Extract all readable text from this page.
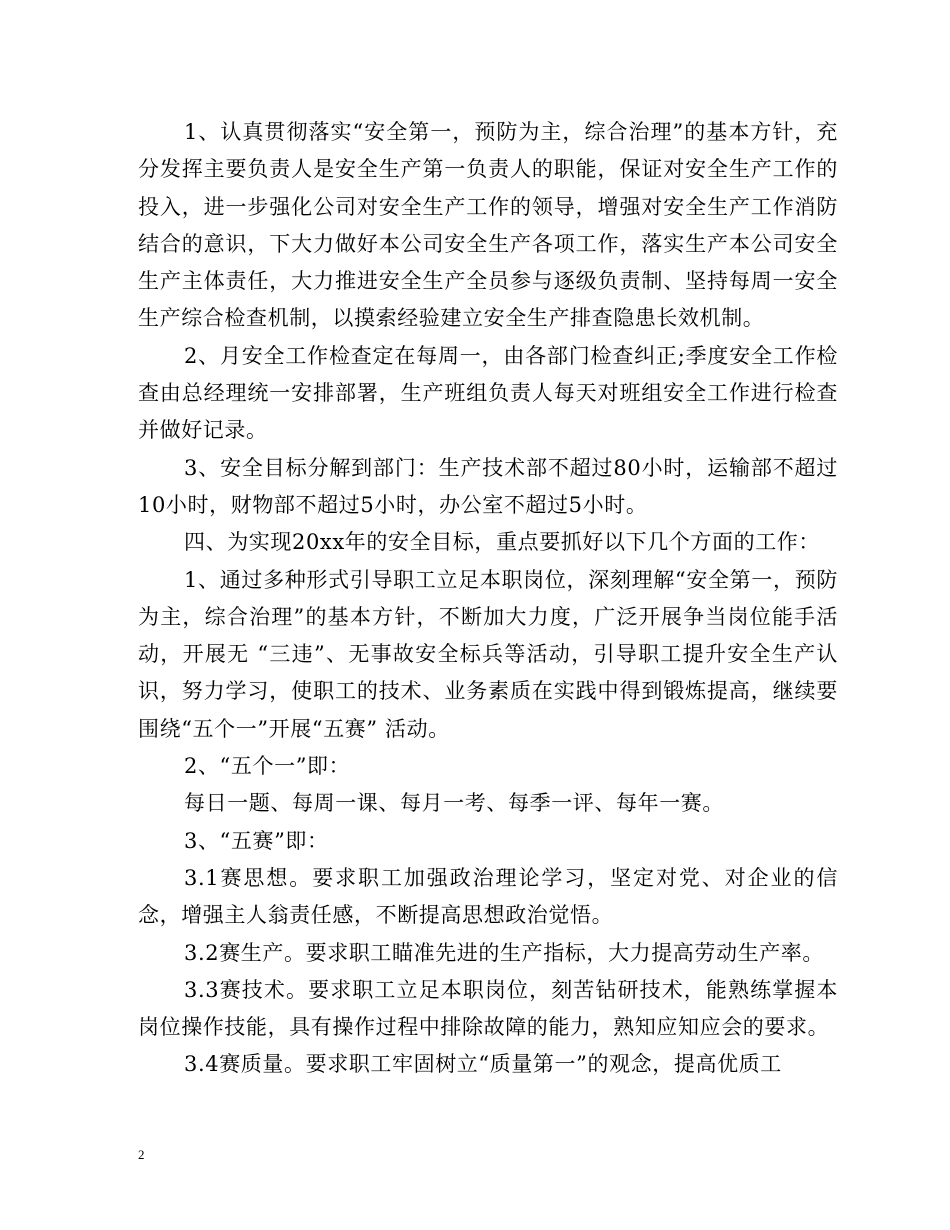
1、认真贯彻落实“安全第一，预防为主，综合治理”的基本方针，充分发挥主要负责人是安全生产第一负责人的职能，保证对安全生产工作的投入，进一步强化公司对安全生产工作的领导，增强对安全生产工作消防结合的意识，下大力做好本公司安全生产各项工作，落实生产本公司安全生产主体责任，大力推进安全生产全员参与逐级负责制、坚持每周一安全生产综合检查机制，以摸索经验建立安全生产排查隐患长效机制。

2、月安全工作检查定在每周一，由各部门检查纠正;季度安全工作检查由总经理统一安排部署，生产班组负责人每天对班组安全工作进行检查并做好记录。

3、安全目标分解到部门：生产技术部不超过80小时，运输部不超过10小时，财物部不超过5小时，办公室不超过5小时。

四、为实现20xx年的安全目标，重点要抓好以下几个方面的工作：

1、通过多种形式引导职工立足本职岗位，深刻理解“安全第一，预防为主，综合治理”的基本方针，不断加大力度，广泛开展争当岗位能手活动，开展无 “三违”、无事故安全标兵等活动，引导职工提升安全生产认识，努力学习，使职工的技术、业务素质在实践中得到锻炼提高，继续要围绕“五个一”开展“五赛” 活动。

2、“五个一”即：

每日一题、每周一课、每月一考、每季一评、每年一赛。

3、“五赛”即：

3.1赛思想。要求职工加强政治理论学习，坚定对党、对企业的信念，增强主人翁责任感，不断提高思想政治觉悟。

3.2赛生产。要求职工瞄准先进的生产指标，大力提高劳动生产率。

3.3赛技术。要求职工立足本职岗位，刻苦钻研技术，能熟练掌握本岗位操作技能，具有操作过程中排除故障的能力，熟知应知应会的要求。

3.4赛质量。要求职工牢固树立“质量第一”的观念，提高优质工

2
